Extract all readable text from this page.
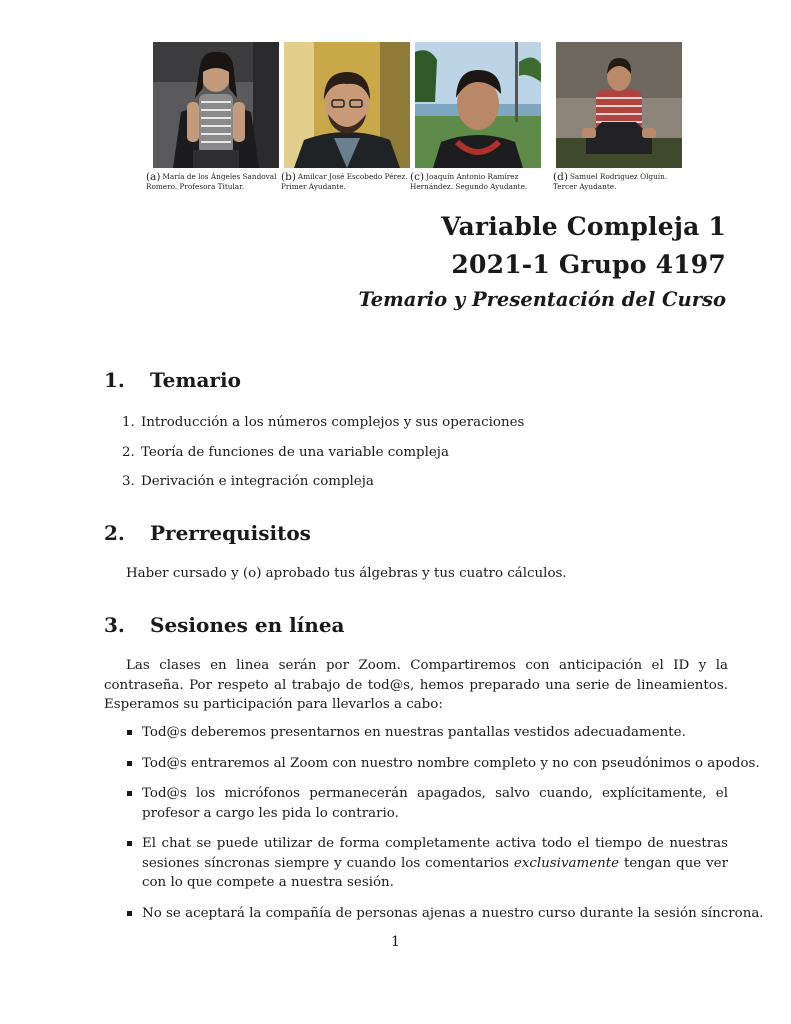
(a) María de los Ángeles Sandoval Romero. Profesora Titular.
(b) Amilcar José Escobedo Pérez. Primer Ayudante.
(c) Joaquín Antonio Ramírez Hernández. Segundo Ayudante.
(d) Samuel Rodriguez Olguín. Tercer Ayudante.
Variable Compleja 1
2021-1 Grupo 4197
Temario y Presentación del Curso
1. Temario
1. Introducción a los números complejos y sus operaciones
2. Teoría de funciones de una variable compleja
3. Derivación e integración compleja
2. Prerrequisitos
Haber cursado y (o) aprobado tus álgebras y tus cuatro cálculos.
3. Sesiones en línea
Las clases en linea serán por Zoom. Compartiremos con anticipación el ID y la contraseña. Por respeto al trabajo de tod@s, hemos preparado una serie de lineamientos. Esperamos su participación para llevarlos a cabo:
Tod@s deberemos presentarnos en nuestras pantallas vestidos adecuadamente.
Tod@s entraremos al Zoom con nuestro nombre completo y no con pseudónimos o apodos.
Tod@s los micrófonos permanecerán apagados, salvo cuando, explícitamente, el profesor a cargo les pida lo contrario.
El chat se puede utilizar de forma completamente activa todo el tiempo de nuestras sesiones síncronas siempre y cuando los comentarios exclusivamente tengan que ver con lo que compete a nuestra sesión.
No se aceptará la compañía de personas ajenas a nuestro curso durante la sesión síncrona.
1
